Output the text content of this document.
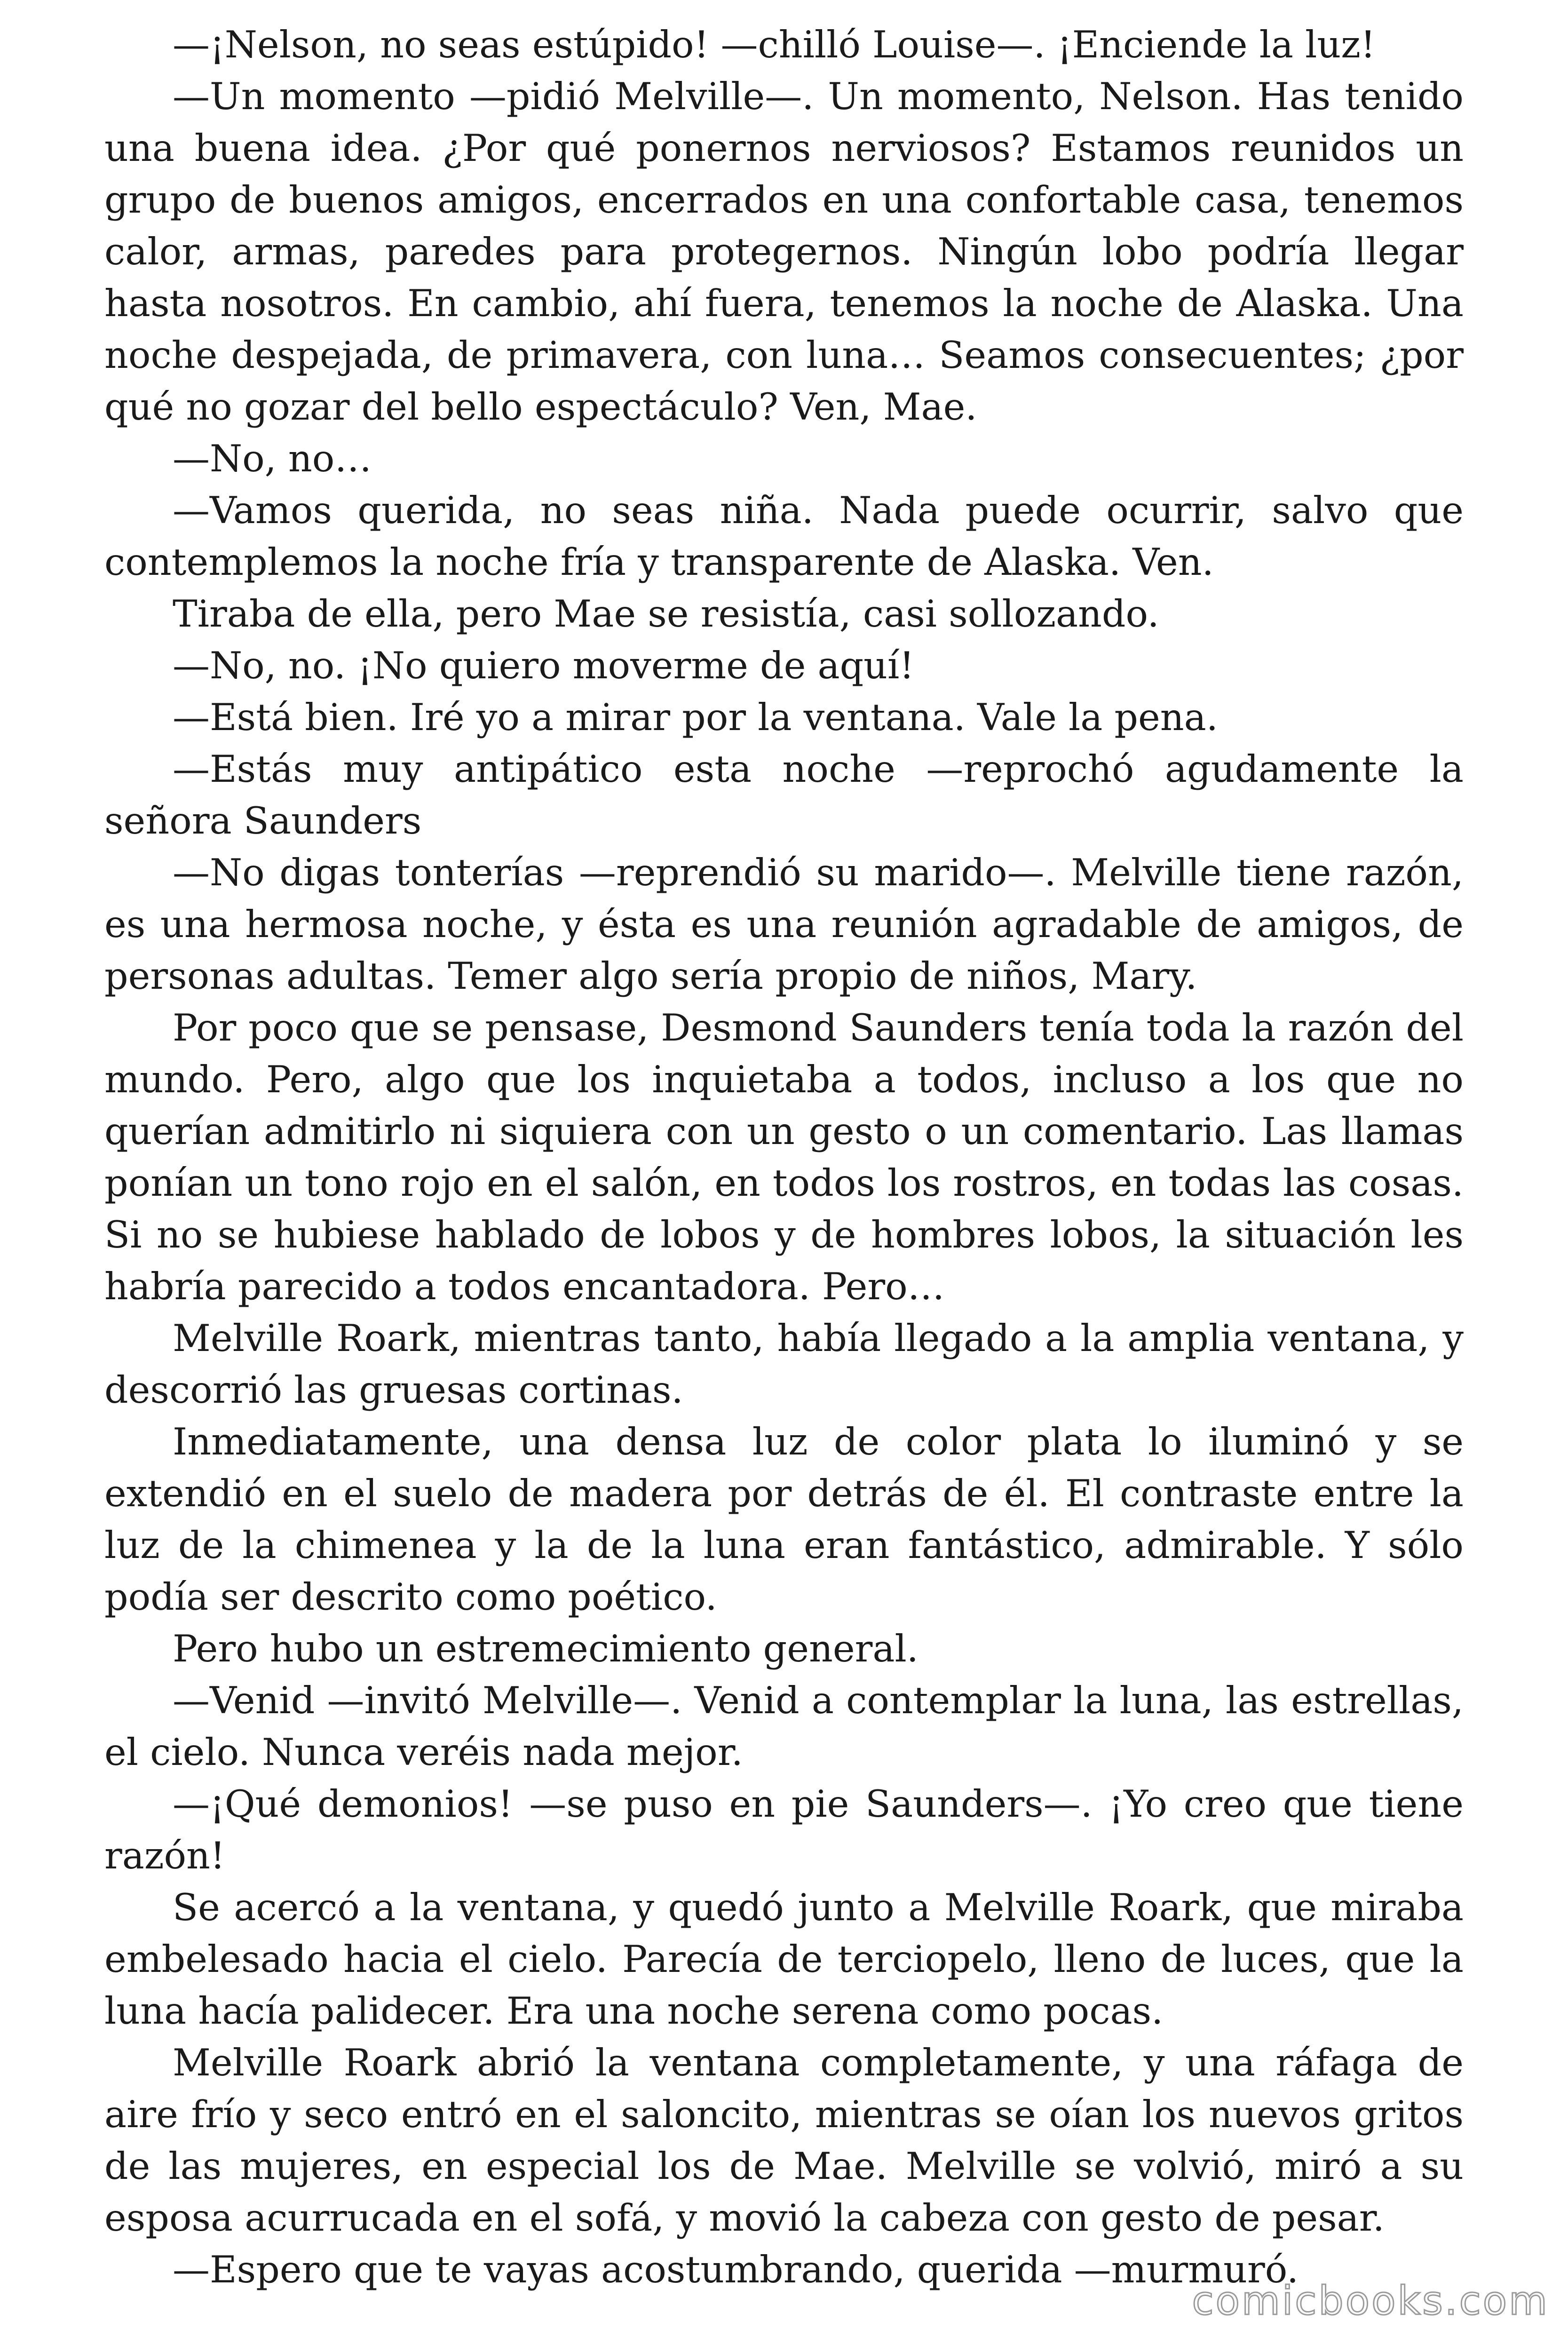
—¡Nelson, no seas estúpido! —chilló Louise—. ¡Enciende la luz!

—Un momento —pidió Melville—. Un momento, Nelson. Has tenido una buena idea. ¿Por qué ponernos nerviosos? Estamos reunidos un grupo de buenos amigos, encerrados en una confortable casa, tenemos calor, armas, paredes para protegernos. Ningún lobo podría llegar hasta nosotros. En cambio, ahí fuera, tenemos la noche de Alaska. Una noche despejada, de primavera, con luna… Seamos consecuentes; ¿por qué no gozar del bello espectáculo? Ven, Mae.

—No, no…

—Vamos querida, no seas niña. Nada puede ocurrir, salvo que contemplemos la noche fría y transparente de Alaska. Ven.

Tiraba de ella, pero Mae se resistía, casi sollozando.

—No, no. ¡No quiero moverme de aquí!

—Está bien. Iré yo a mirar por la ventana. Vale la pena.

—Estás muy antipático esta noche —reprochó agudamente la señora Saunders

—No digas tonterías —reprendió su marido—. Melville tiene razón, es una hermosa noche, y ésta es una reunión agradable de amigos, de personas adultas. Temer algo sería propio de niños, Mary.

Por poco que se pensase, Desmond Saunders tenía toda la razón del mundo. Pero, algo que los inquietaba a todos, incluso a los que no querían admitirlo ni siquiera con un gesto o un comentario. Las llamas ponían un tono rojo en el salón, en todos los rostros, en todas las cosas. Si no se hubiese hablado de lobos y de hombres lobos, la situación les habría parecido a todos encantadora. Pero…

Melville Roark, mientras tanto, había llegado a la amplia ventana, y descorrió las gruesas cortinas.

Inmediatamente, una densa luz de color plata lo iluminó y se extendió en el suelo de madera por detrás de él. El contraste entre la luz de la chimenea y la de la luna eran fantástico, admirable. Y sólo podía ser descrito como poético.

Pero hubo un estremecimiento general.

—Venid —invitó Melville—. Venid a contemplar la luna, las estrellas, el cielo. Nunca veréis nada mejor.

—¡Qué demonios! —se puso en pie Saunders—. ¡Yo creo que tiene razón!

Se acercó a la ventana, y quedó junto a Melville Roark, que miraba embelesado hacia el cielo. Parecía de terciopelo, lleno de luces, que la luna hacía palidecer. Era una noche serena como pocas.

Melville Roark abrió la ventana completamente, y una ráfaga de aire frío y seco entró en el saloncito, mientras se oían los nuevos gritos de las mujeres, en especial los de Mae. Melville se volvió, miró a su esposa acurrucada en el sofá, y movió la cabeza con gesto de pesar.

—Espero que te vayas acostumbrando, querida —murmuró.

comicbooks.com
